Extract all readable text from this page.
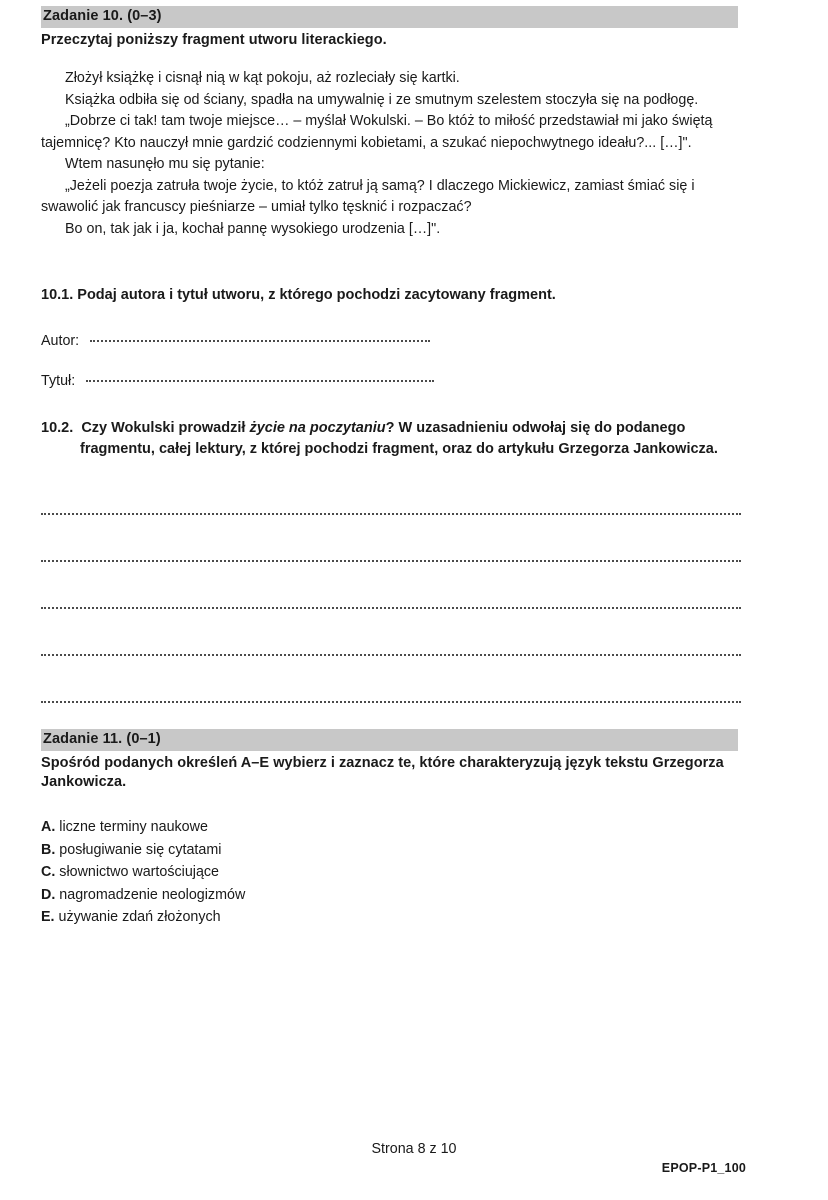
Zadanie 10. (0–3)
Przeczytaj poniższy fragment utworu literackiego.

Złożył książkę i cisnął nią w kąt pokoju, aż rozleciały się kartki.

Książka odbiła się od ściany, spadła na umywalnię i ze smutnym szelestem stoczyła się na podłogę.

„Dobrze ci tak! tam twoje miejsce… – myślał Wokulski. – Bo któż to miłość przedstawiał mi jako świętą tajemnicę? Kto nauczył mnie gardzić codziennymi kobietami, a szukać niepochwytnego ideału?... […]".

Wtem nasunęło mu się pytanie:

„Jeżeli poezja zatruła twoje życie, to któż zatruł ją samą? I dlaczego Mickiewicz, zamiast śmiać się i swawolić jak francuscy pieśniarze – umiał tylko tęsknić i rozpaczać?

Bo on, tak jak i ja, kochał pannę wysokiego urodzenia […]".

10.1. Podaj autora i tytuł utworu, z którego pochodzi zacytowany fragment.
Autor:
Tytuł:
10.2. Czy Wokulski prowadził życie na poczytaniu? W uzasadnieniu odwołaj się do podanego fragmentu, całej lektury, z której pochodzi fragment, oraz do artykułu Grzegorza Jankowicza.
Zadanie 11. (0–1)
Spośród podanych określeń A–E wybierz i zaznacz te, które charakteryzują język tekstu Grzegorza Jankowicza.
A. liczne terminy naukowe
B. posługiwanie się cytatami
C. słownictwo wartościujące
D. nagromadzenie neologizmów
E. używanie zdań złożonych
Strona 8 z 10
EPOP-P1_100
